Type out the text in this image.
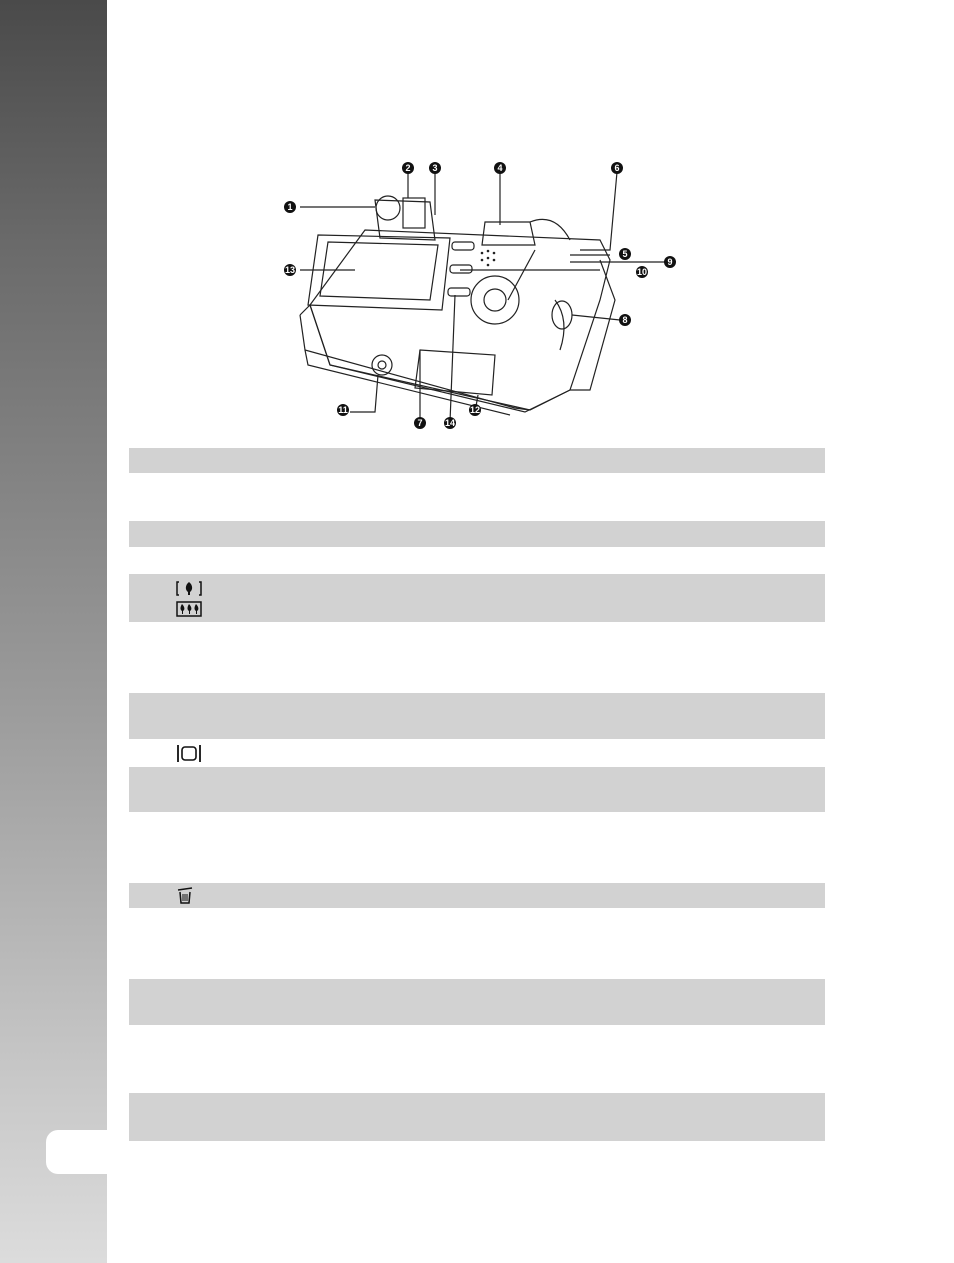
1
2 3	4
5
6
7
8
9
10
11	12
13
14
